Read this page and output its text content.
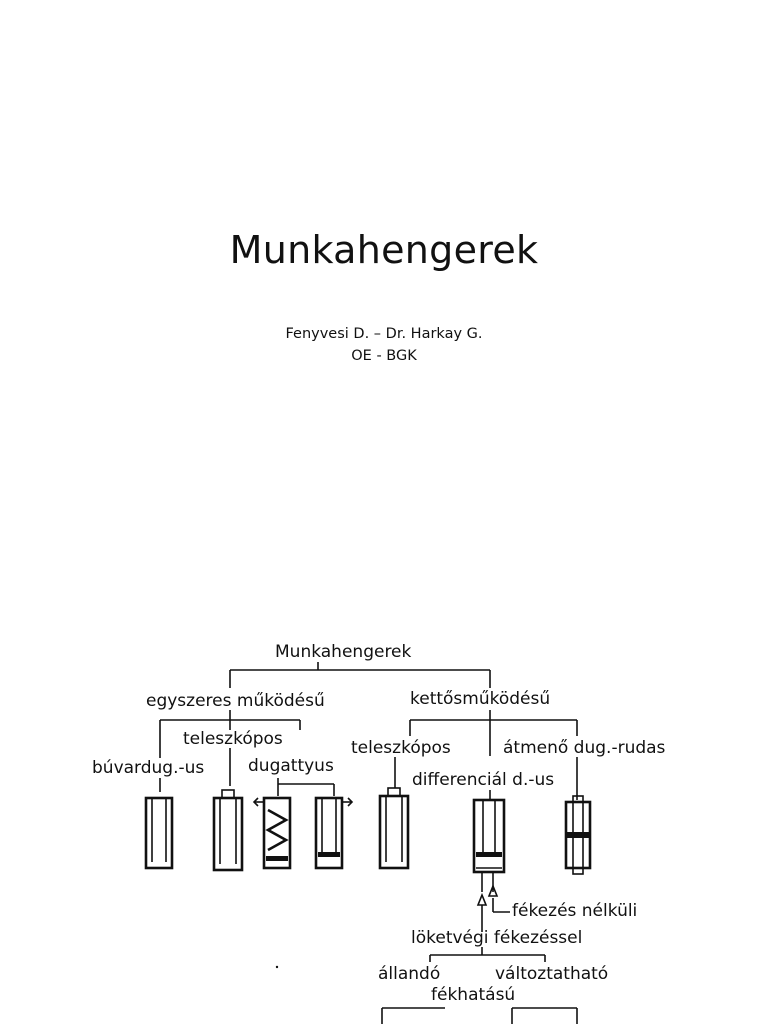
Munkahengerek
Fenyvesi D. – Dr. Harkay G.
OE - BGK
Munkahengerek
egyszeres működésű	kettősműködésű
teleszkópos
búvardug.-us	dugattyus
teleszkópos	átmenő dug.-rudas
differenciál d.-us
fékezés nélküli
löketvégi fékezéssel
állandó	változtatható
fékhatású
